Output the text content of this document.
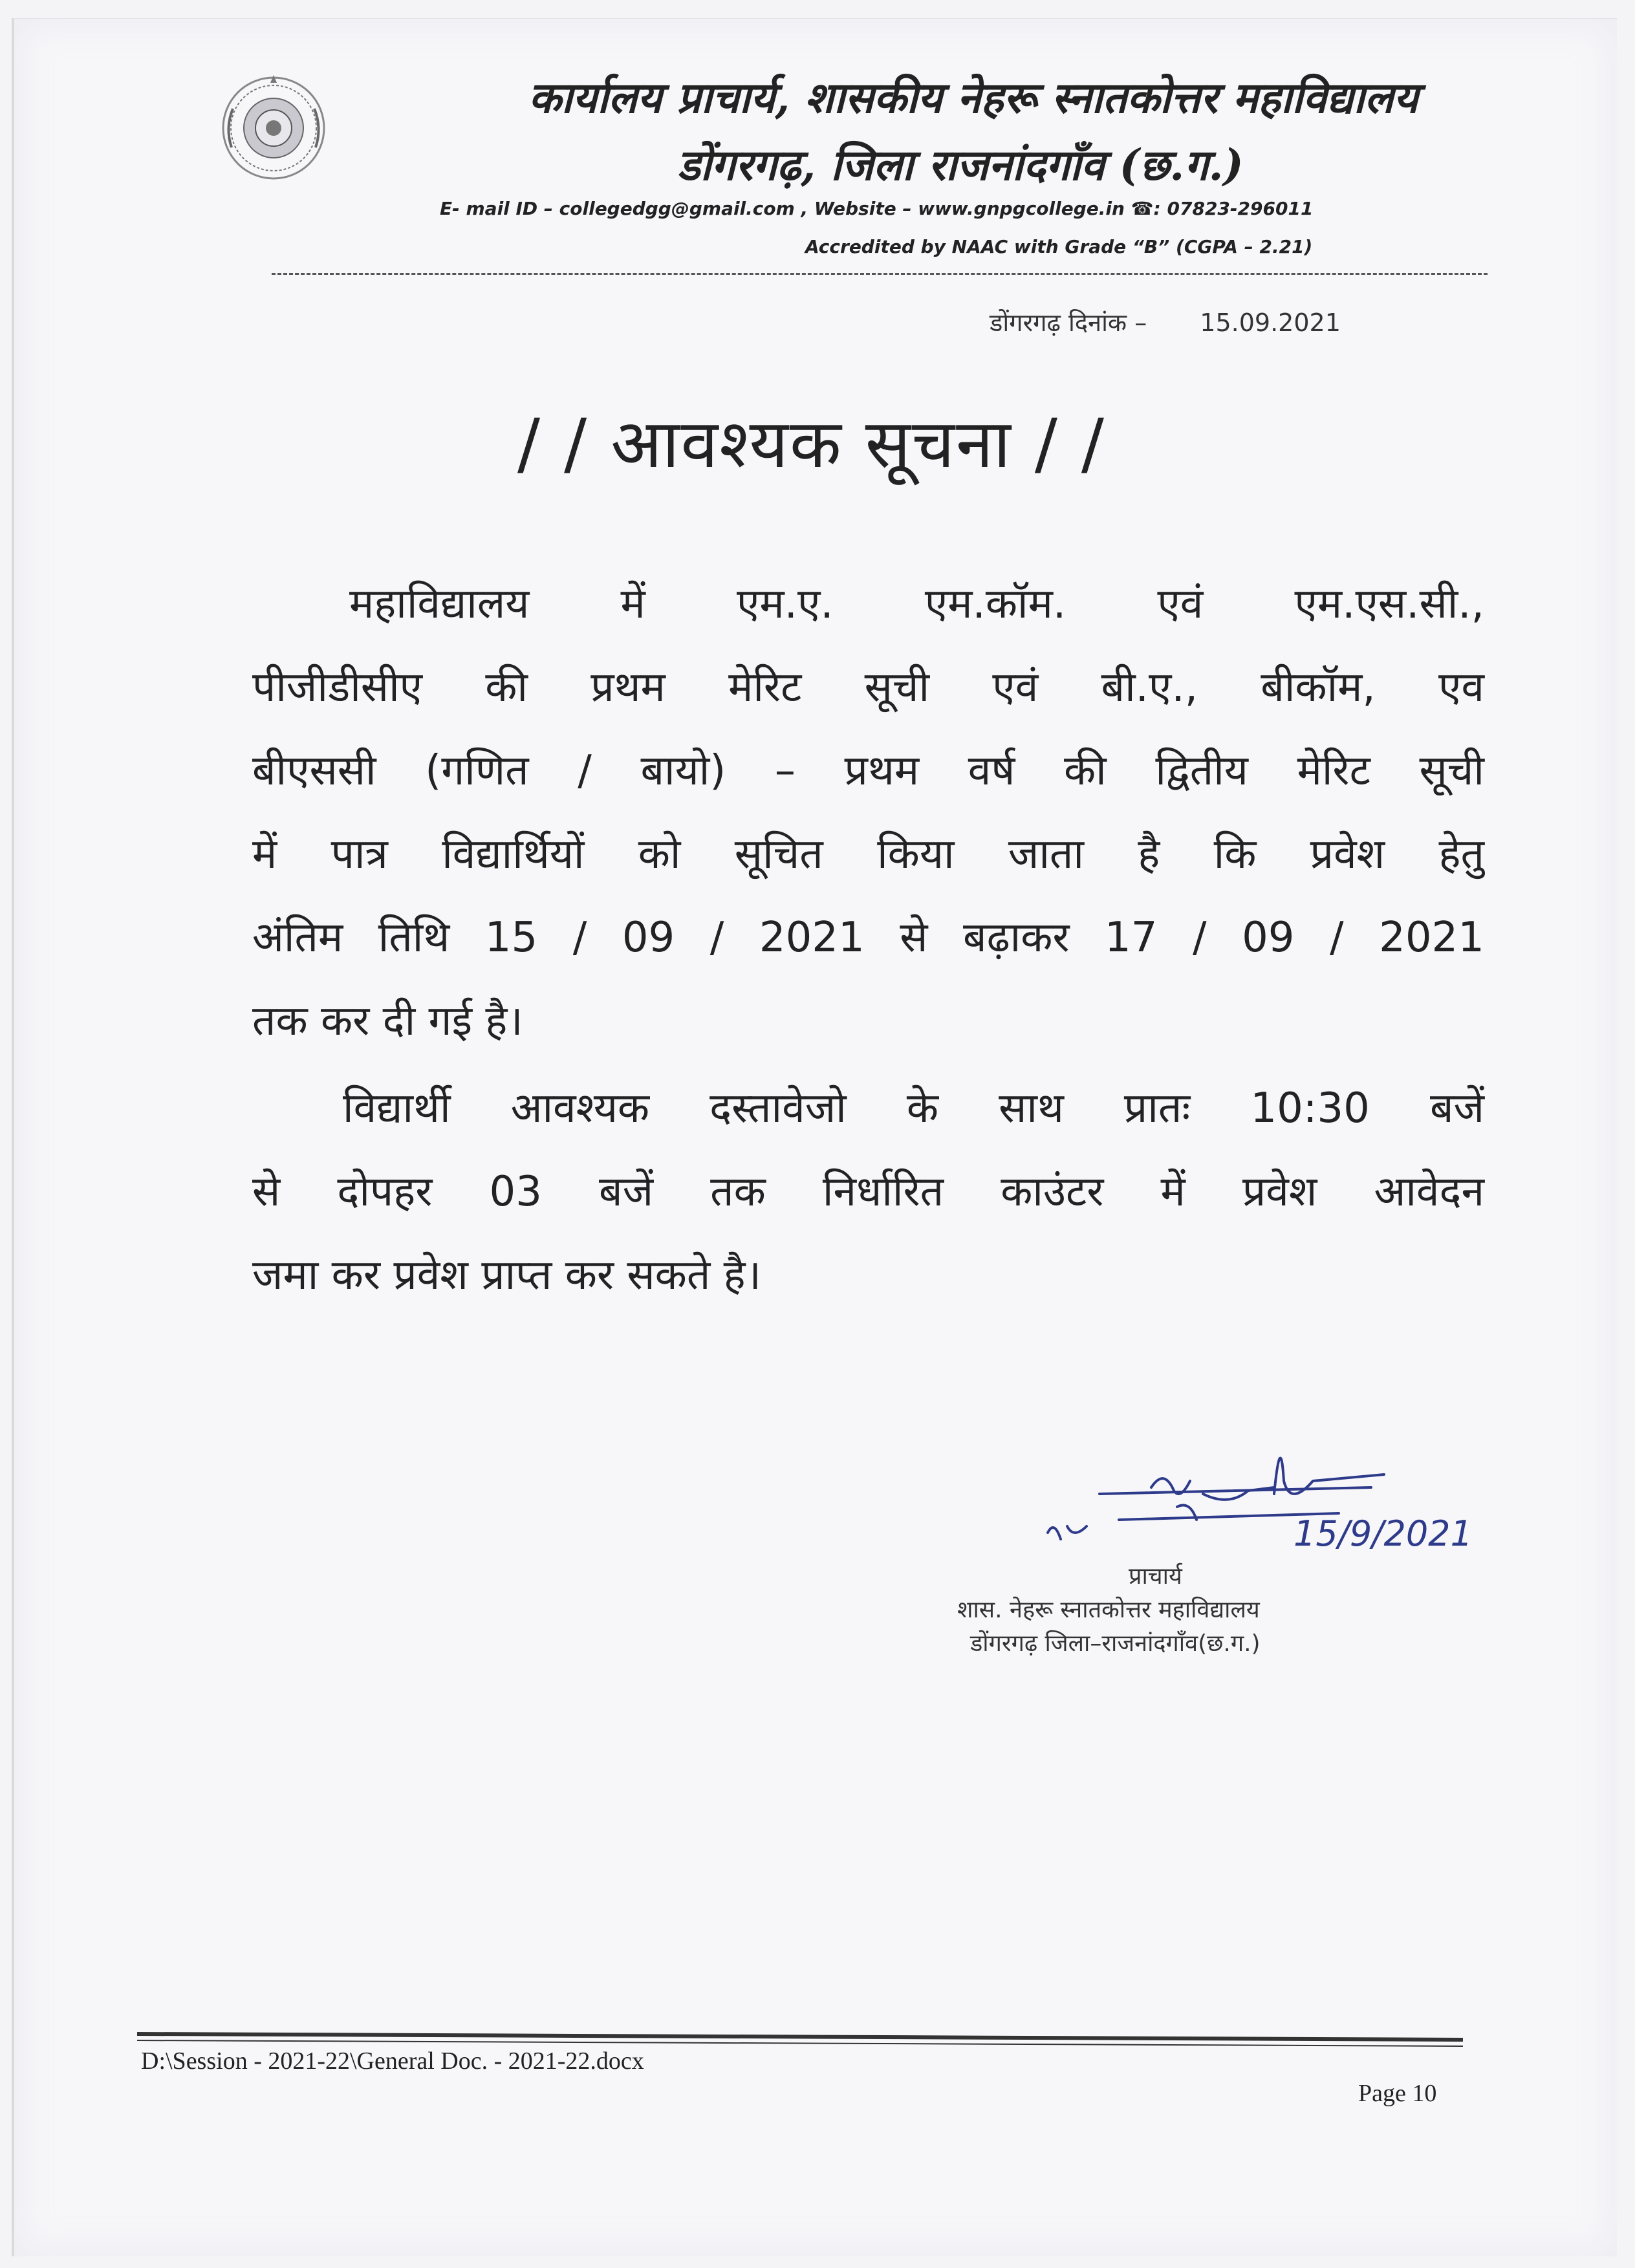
कार्यालय प्राचार्य, शासकीय नेहरू स्नातकोत्तर महाविद्यालय
डोंगरगढ़, जिला राजनांदगाँव (छ.ग.)
E- mail ID – collegedgg@gmail.com , Website – www.gnpgcollege.in ☎: 07823-296011
Accredited by NAAC with Grade “B” (CGPA – 2.21)
डोंगरगढ़ दिनांक – 15.09.2021
/ / आवश्यक सूचना / /
महाविद्यालय में एम.ए. एम.कॉम. एवं एम.एस.सी.,
पीजीडीसीए की प्रथम मेरिट सूची एवं बी.ए., बीकॉम, एव
बीएससी (गणित / बायो) – प्रथम वर्ष की द्वितीय मेरिट सूची
में पात्र विद्यार्थियों को सूचित किया जाता है कि प्रवेश हेतु
अंतिम तिथि 15 / 09 / 2021 से बढ़ाकर 17 / 09 / 2021
तक कर दी गई है।
विद्यार्थी आवश्यक दस्तावेजो के साथ प्रातः 10:30 बजें
से दोपहर 03 बजें तक निर्धारित काउंटर में प्रवेश आवेदन
जमा कर प्रवेश प्राप्त कर सकते है।
15/9/2021
प्राचार्य
शास. नेहरू स्नातकोत्तर महाविद्यालय
डोंगरगढ़ जिला–राजनांदगाँव(छ.ग.)
D:\Session - 2021-22\General Doc. - 2021-22.docx
Page 10
